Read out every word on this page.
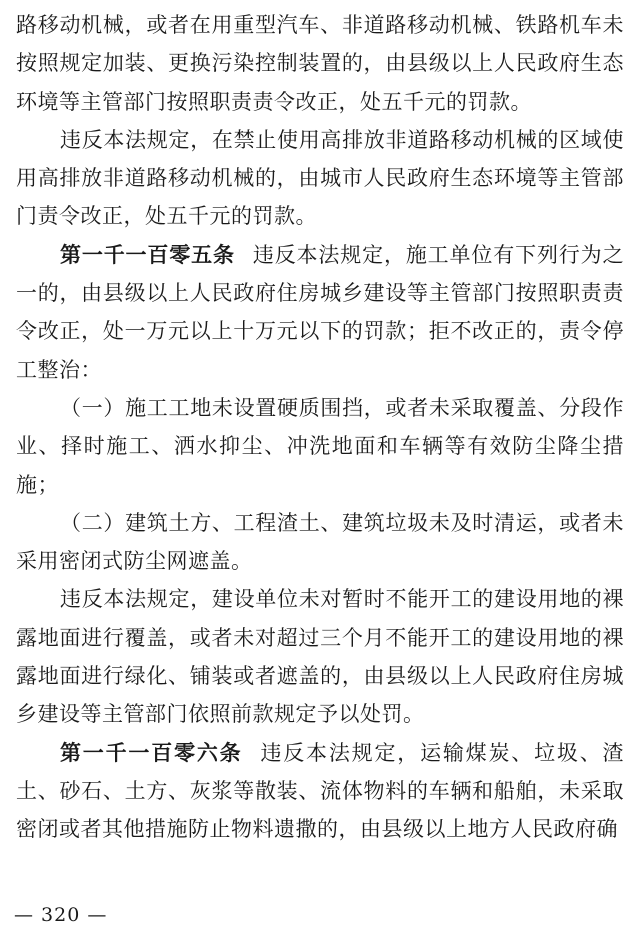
路移动机械，或者在用重型汽车、非道路移动机械、铁路机车未按照规定加装、更换污染控制装置的，由县级以上人民政府生态环境等主管部门按照职责责令改正，处五千元的罚款。

违反本法规定，在禁止使用高排放非道路移动机械的区域使用高排放非道路移动机械的，由城市人民政府生态环境等主管部门责令改正，处五千元的罚款。

第一千一百零五条 违反本法规定，施工单位有下列行为之一的，由县级以上人民政府住房城乡建设等主管部门按照职责责令改正，处一万元以上十万元以下的罚款；拒不改正的，责令停工整治：

（一）施工工地未设置硬质围挡，或者未采取覆盖、分段作业、择时施工、洒水抑尘、冲洗地面和车辆等有效防尘降尘措施；

（二）建筑土方、工程渣土、建筑垃圾未及时清运，或者未采用密闭式防尘网遮盖。

违反本法规定，建设单位未对暂时不能开工的建设用地的裸露地面进行覆盖，或者未对超过三个月不能开工的建设用地的裸露地面进行绿化、铺装或者遮盖的，由县级以上人民政府住房城乡建设等主管部门依照前款规定予以处罚。

第一千一百零六条 违反本法规定，运输煤炭、垃圾、渣土、砂石、土方、灰浆等散装、流体物料的车辆和船舶，未采取密闭或者其他措施防止物料遗撒的，由县级以上地方人民政府确

— 320 —
